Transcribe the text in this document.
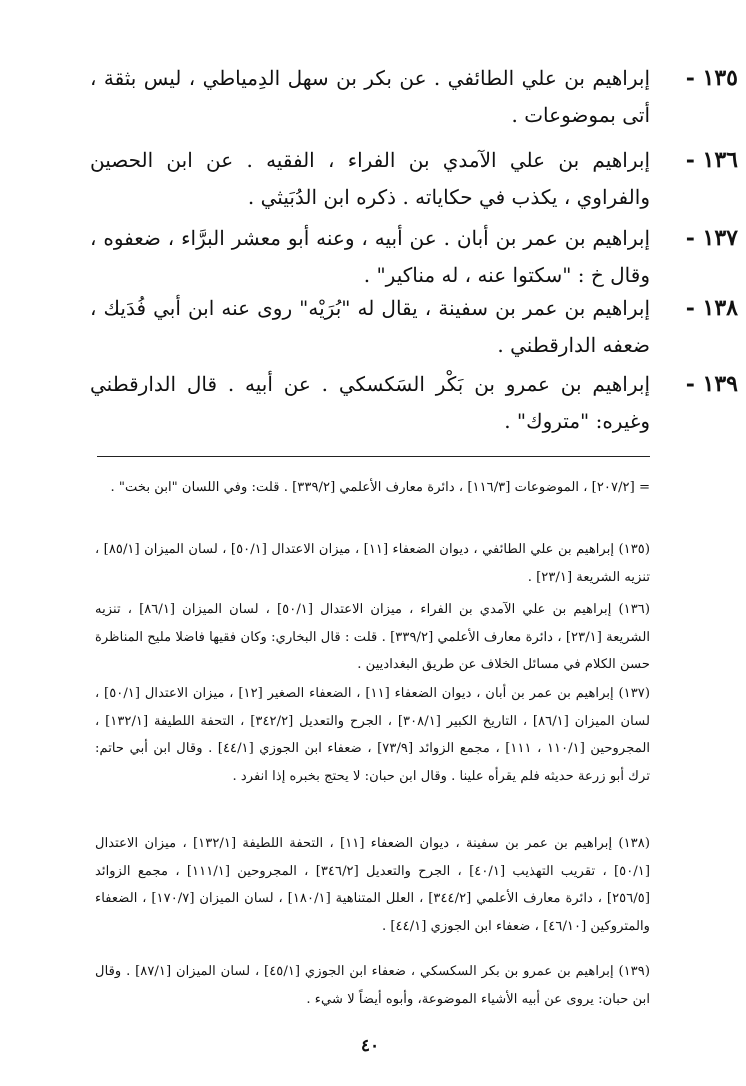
١٣٥ -
إبراهيم بن علي الطائفي . عن بكر بن سهل الدِمياطي ، ليس بثقة ، أتى بموضوعات .
١٣٦ -
إبراهيم بن علي الآمدي بن الفراء ، الفقيه . عن ابن الحصين والفراوي ، يكذب في حكاياته . ذكره ابن الدُبَيثي .
١٣٧ -
إبراهيم بن عمر بن أبان . عن أبيه ، وعنه أبو معشر البرَّاء ، ضعفوه ، وقال خ : "سكتوا عنه ، له مناكير" .
١٣٨ -
إبراهيم بن عمر بن سفينة ، يقال له "بُرَيْه" روى عنه ابن أبي فُدَيك ، ضعفه الدارقطني .
١٣٩ -
إبراهيم بن عمرو بن بَكْر السَكسكي . عن أبيه . قال الدارقطني وغيره: "متروك" .
= [٢٠٧/٢] ، الموضوعات [١١٦/٣] ، دائرة معارف الأعلمي [٣٣٩/٢] . قلت: وفي اللسان "ابن بخت" .
(١٣٥) إبراهيم بن علي الطائفي ، ديوان الضعفاء [١١] ، ميزان الاعتدال [٥٠/١] ، لسان الميزان [٨٥/١] ، تنزيه الشريعة [٢٣/١] .
(١٣٦) إبراهيم بن علي الآمدي بن الفراء ، ميزان الاعتدال [٥٠/١] ، لسان الميزان [٨٦/١] ، تنزيه الشريعة [٢٣/١] ، دائرة معارف الأعلمي [٣٣٩/٢] . قلت : قال البخاري: وكان فقيها فاضلا مليح المناظرة حسن الكلام في مسائل الخلاف عن طريق البغداديين .
(١٣٧) إبراهيم بن عمر بن أبان ، ديوان الضعفاء [١١] ، الضعفاء الصغير [١٢] ، ميزان الاعتدال [٥٠/١] ، لسان الميزان [٨٦/١] ، التاريخ الكبير [٣٠٨/١] ، الجرح والتعديل [٣٤٢/٢] ، التحفة اللطيفة [١٣٢/١] ، المجروحين [١١٠/١ ، ١١١] ، مجمع الزوائد [٧٣/٩] ، ضعفاء ابن الجوزي [٤٤/١] . وقال ابن أبي حاتم: ترك أبو زرعة حديثه فلم يقرأه علينا . وقال ابن حبان: لا يحتج بخبره إذا انفرد .
(١٣٨) إبراهيم بن عمر بن سفينة ، ديوان الضعفاء [١١] ، التحفة اللطيفة [١٣٢/١] ، ميزان الاعتدال [٥٠/١] ، تقريب التهذيب [٤٠/١] ، الجرح والتعديل [٣٤٦/٢] ، المجروحين [١١١/١] ، مجمع الزوائد [٢٥٦/٥] ، دائرة معارف الأعلمي [٣٤٤/٢] ، العلل المتناهية [١٨٠/١] ، لسان الميزان [١٧٠/٧] ، الضعفاء والمتروكين [٤٦/١٠] ، ضعفاء ابن الجوزي [٤٤/١] .
(١٣٩) إبراهيم بن عمرو بن بكر السكسكي ، ضعفاء ابن الجوزي [٤٥/١] ، لسان الميزان [٨٧/١] . وقال ابن حبان: يروى عن أبيه الأشياء الموضوعة، وأبوه أيضاً لا شيء .
٤٠
